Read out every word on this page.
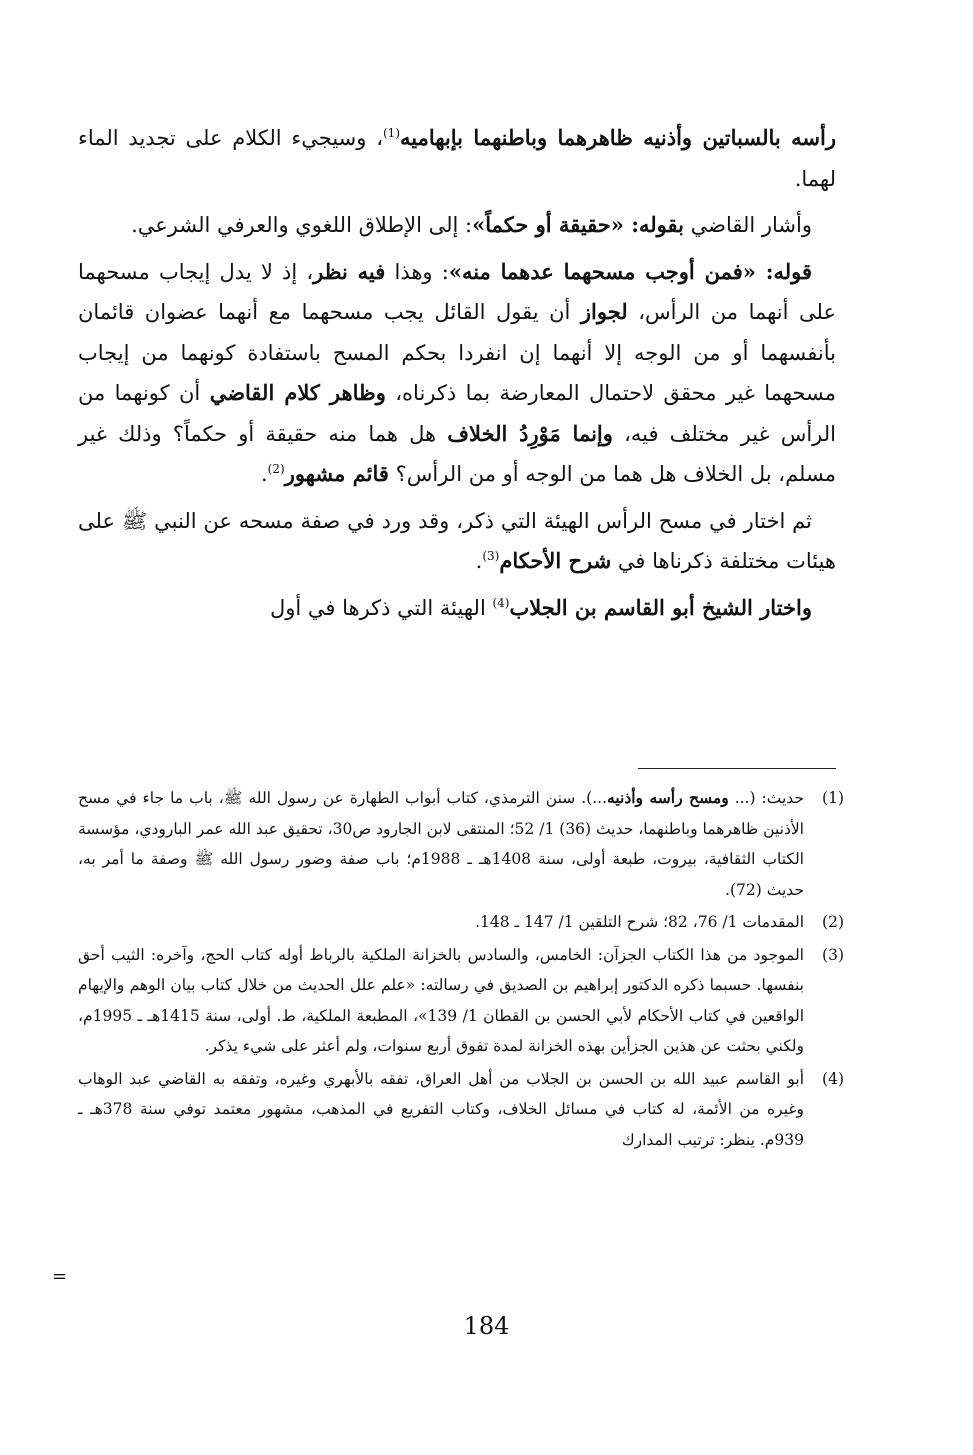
رأسه بالسباتين وأذنيه ظاهرهما وباطنهما بإبهاميه$^{(1)}$، وسيجيء الكلام على تجديد الماء لهما.

وأشار القاضي بقوله: «حقيقة أو حكماً»: إلى الإطلاق اللغوي والعرفي الشرعي.

قوله: «فمن أوجب مسحهما عدهما منه»: وهذا فيه نظر، إذ لا يدل إيجاب مسحهما على أنهما من الرأس، لجواز أن يقول القائل يجب مسحهما مع أنهما عضوان قائمان بأنفسهما أو من الوجه إلا أنهما إن انفردا بحكم المسح باستفادة كونهما من إيجاب مسحهما غير محقق لاحتمال المعارضة بما ذكرناه، وظاهر كلام القاضي أن كونهما من الرأس غير مختلف فيه، وإنما مَوْرِدُ الخلاف هل هما منه حقيقة أو حكماً؟ وذلك غير مسلم، بل الخلاف هل هما من الوجه أو من الرأس؟ قائم مشهور$^{(2)}$.

ثم اختار في مسح الرأس الهيئة التي ذكر، وقد ورد في صفة مسحه عن النبي ﷺ على هيئات مختلفة ذكرناها في شرح الأحكام$^{(3)}$.

واختار الشيخ أبو القاسم بن الجلاب$^{(4)}$ الهيئة التي ذكرها في أول

(1)
حديث: (... ومسح رأسه وأذنيه...). سنن الترمذي، كتاب أبواب الطهارة عن رسول الله ﷺ، باب ما جاء في مسح الأذنين ظاهرهما وباطنهما، حديث (36) 1/ 52؛ المنتقى لابن الجارود ص30، تحقيق عبد الله عمر البارودي، مؤسسة الكتاب الثقافية، بيروت، طبعة أولى، سنة 1408هـ ـ 1988م؛ باب صفة وضور رسول الله ﷺ وصفة ما أمر به، حديث (72).
(2)
المقدمات 1/ 76، 82؛ شرح التلقين 1/ 147 ـ 148.
(3)
الموجود من هذا الكتاب الجزآن: الخامس، والسادس بالخزانة الملكية بالرباط أوله كتاب الحج، وآخره: الثيب أحق بنفسها. حسبما ذكره الدكتور إبراهيم بن الصديق في رسالته: «علم علل الحديث من خلال كتاب بيان الوهم والإيهام الواقعين في كتاب الأحكام لأبي الحسن بن القطان 1/ 139»، المطبعة الملكية، ط. أولى، سنة 1415هـ ـ 1995م، ولكني بحثت عن هذين الجزأين بهذه الخزانة لمدة تفوق أربع سنوات، ولم أعثر على شيء يذكر.
(4)
أبو القاسم عبيد الله بن الحسن بن الجلاب من أهل العراق، تفقه بالأبهري وغيره، وتفقه به القاضي عبد الوهاب وغيره من الأئمة، له كتاب في مسائل الخلاف، وكتاب التفريع في المذهب، مشهور معتمد توفي سنة 378هـ ـ 939م. ينظر: ترتيب المدارك
=
184
